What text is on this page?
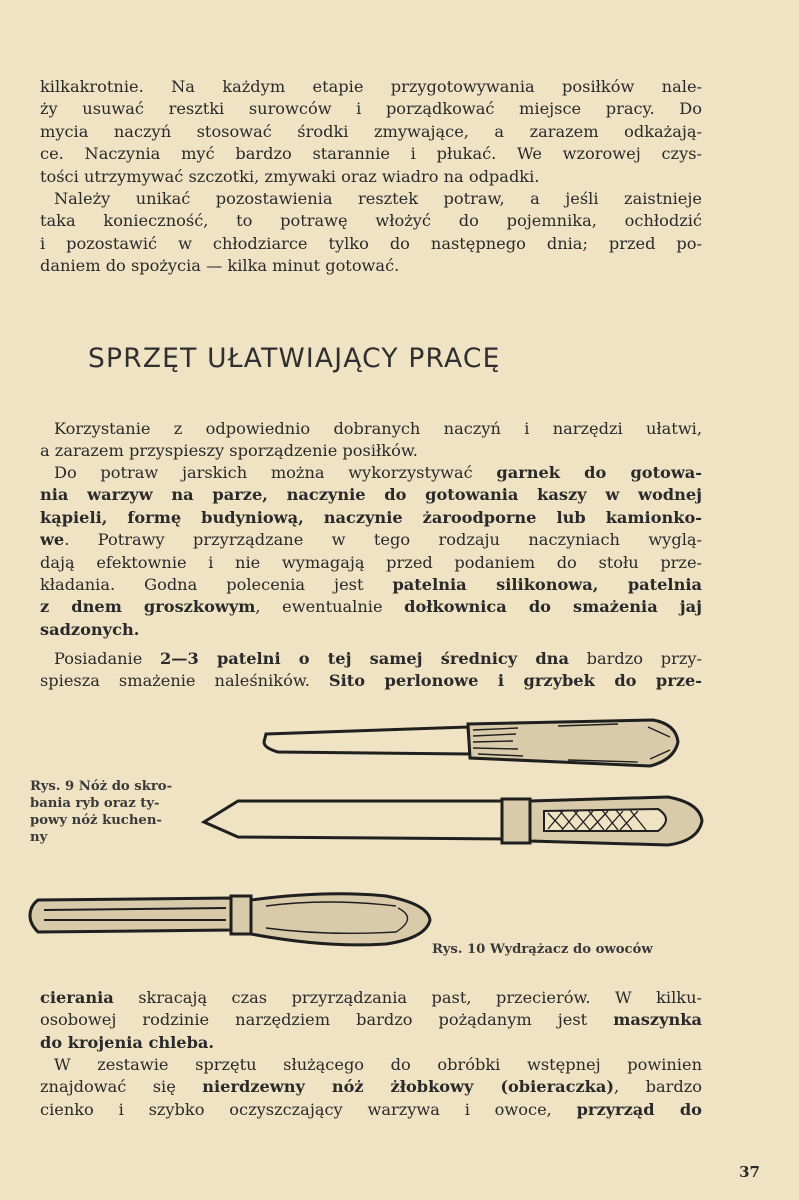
kilkakrotnie. Na każdym etapie przygotowywania posiłków nale-
ży usuwać resztki surowców i porządkować miejsce pracy. Do
mycia naczyń stosować środki zmywające, a zarazem odkażają-
ce. Naczynia myć bardzo starannie i płukać. We wzorowej czys-
tości utrzymywać szczotki, zmywaki oraz wiadro na odpadki.
Należy unikać pozostawienia resztek potraw, a jeśli zaistnieje
taka konieczność, to potrawę włożyć do pojemnika, ochłodzić
i pozostawić w chłodziarce tylko do następnego dnia; przed po-
daniem do spożycia — kilka minut gotować.
SPRZĘT UŁATWIAJĄCY PRACĘ
Korzystanie z odpowiednio dobranych naczyń i narzędzi ułatwi,
a zarazem przyspieszy sporządzenie posiłków.
Do potraw jarskich można wykorzystywać garnek do gotowa-
nia warzyw na parze, naczynie do gotowania kaszy w wodnej
kąpieli, formę budyniową, naczynie żaroodporne lub kamionko-
we. Potrawy przyrządzane w tego rodzaju naczyniach wyglą-
dają efektownie i nie wymagają przed podaniem do stołu prze-
kładania. Godna polecenia jest patelnia silikonowa, patelnia
z dnem groszkowym, ewentualnie dołkownica do smażenia jaj
sadzonych.
Posiadanie 2—3 patelni o tej samej średnicy dna bardzo przy-
spiesza smażenie naleśników. Sito perlonowe i grzybek do prze-
Rys. 9 Nóż do skro-
bania ryb oraz ty-
powy nóż kuchen-
ny
Rys. 10 Wydrążacz do owoców
cierania skracają czas przyrządzania past, przecierów. W kilku-
osobowej rodzinie narzędziem bardzo pożądanym jest maszynka
do krojenia chleba.
W zestawie sprzętu służącego do obróbki wstępnej powinien
znajdować się nierdzewny nóż żłobkowy (obieraczka), bardzo
cienko i szybko oczyszczający warzywa i owoce, przyrząd do
37
